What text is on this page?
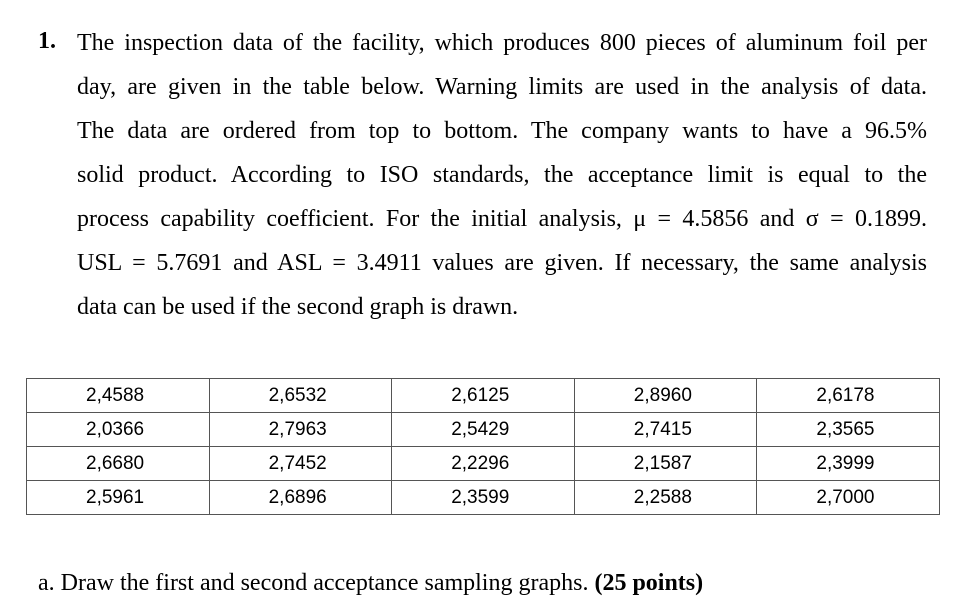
1. The inspection data of the facility, which produces 800 pieces of aluminum foil per
day, are given in the table below. Warning limits are used in the analysis of data.
The data are ordered from top to bottom. The company wants to have a 96.5%
solid product. According to ISO standards, the acceptance limit is equal to the
process capability coefficient. For the initial analysis, μ = 4.5856 and σ = 0.1899.
USL = 5.7691 and ASL = 3.4911 values are given. If necessary, the same analysis
data can be used if the second graph is drawn.
2,4588	2,6532	2,6125	2,8960	2,6178
2,0366	2,7963	2,5429	2,7415	2,3565
2,6680	2,7452	2,2296	2,1587	2,3999
2,5961	2,6896	2,3599	2,2588	2,7000
a. Draw the first and second acceptance sampling graphs. (25 points)
